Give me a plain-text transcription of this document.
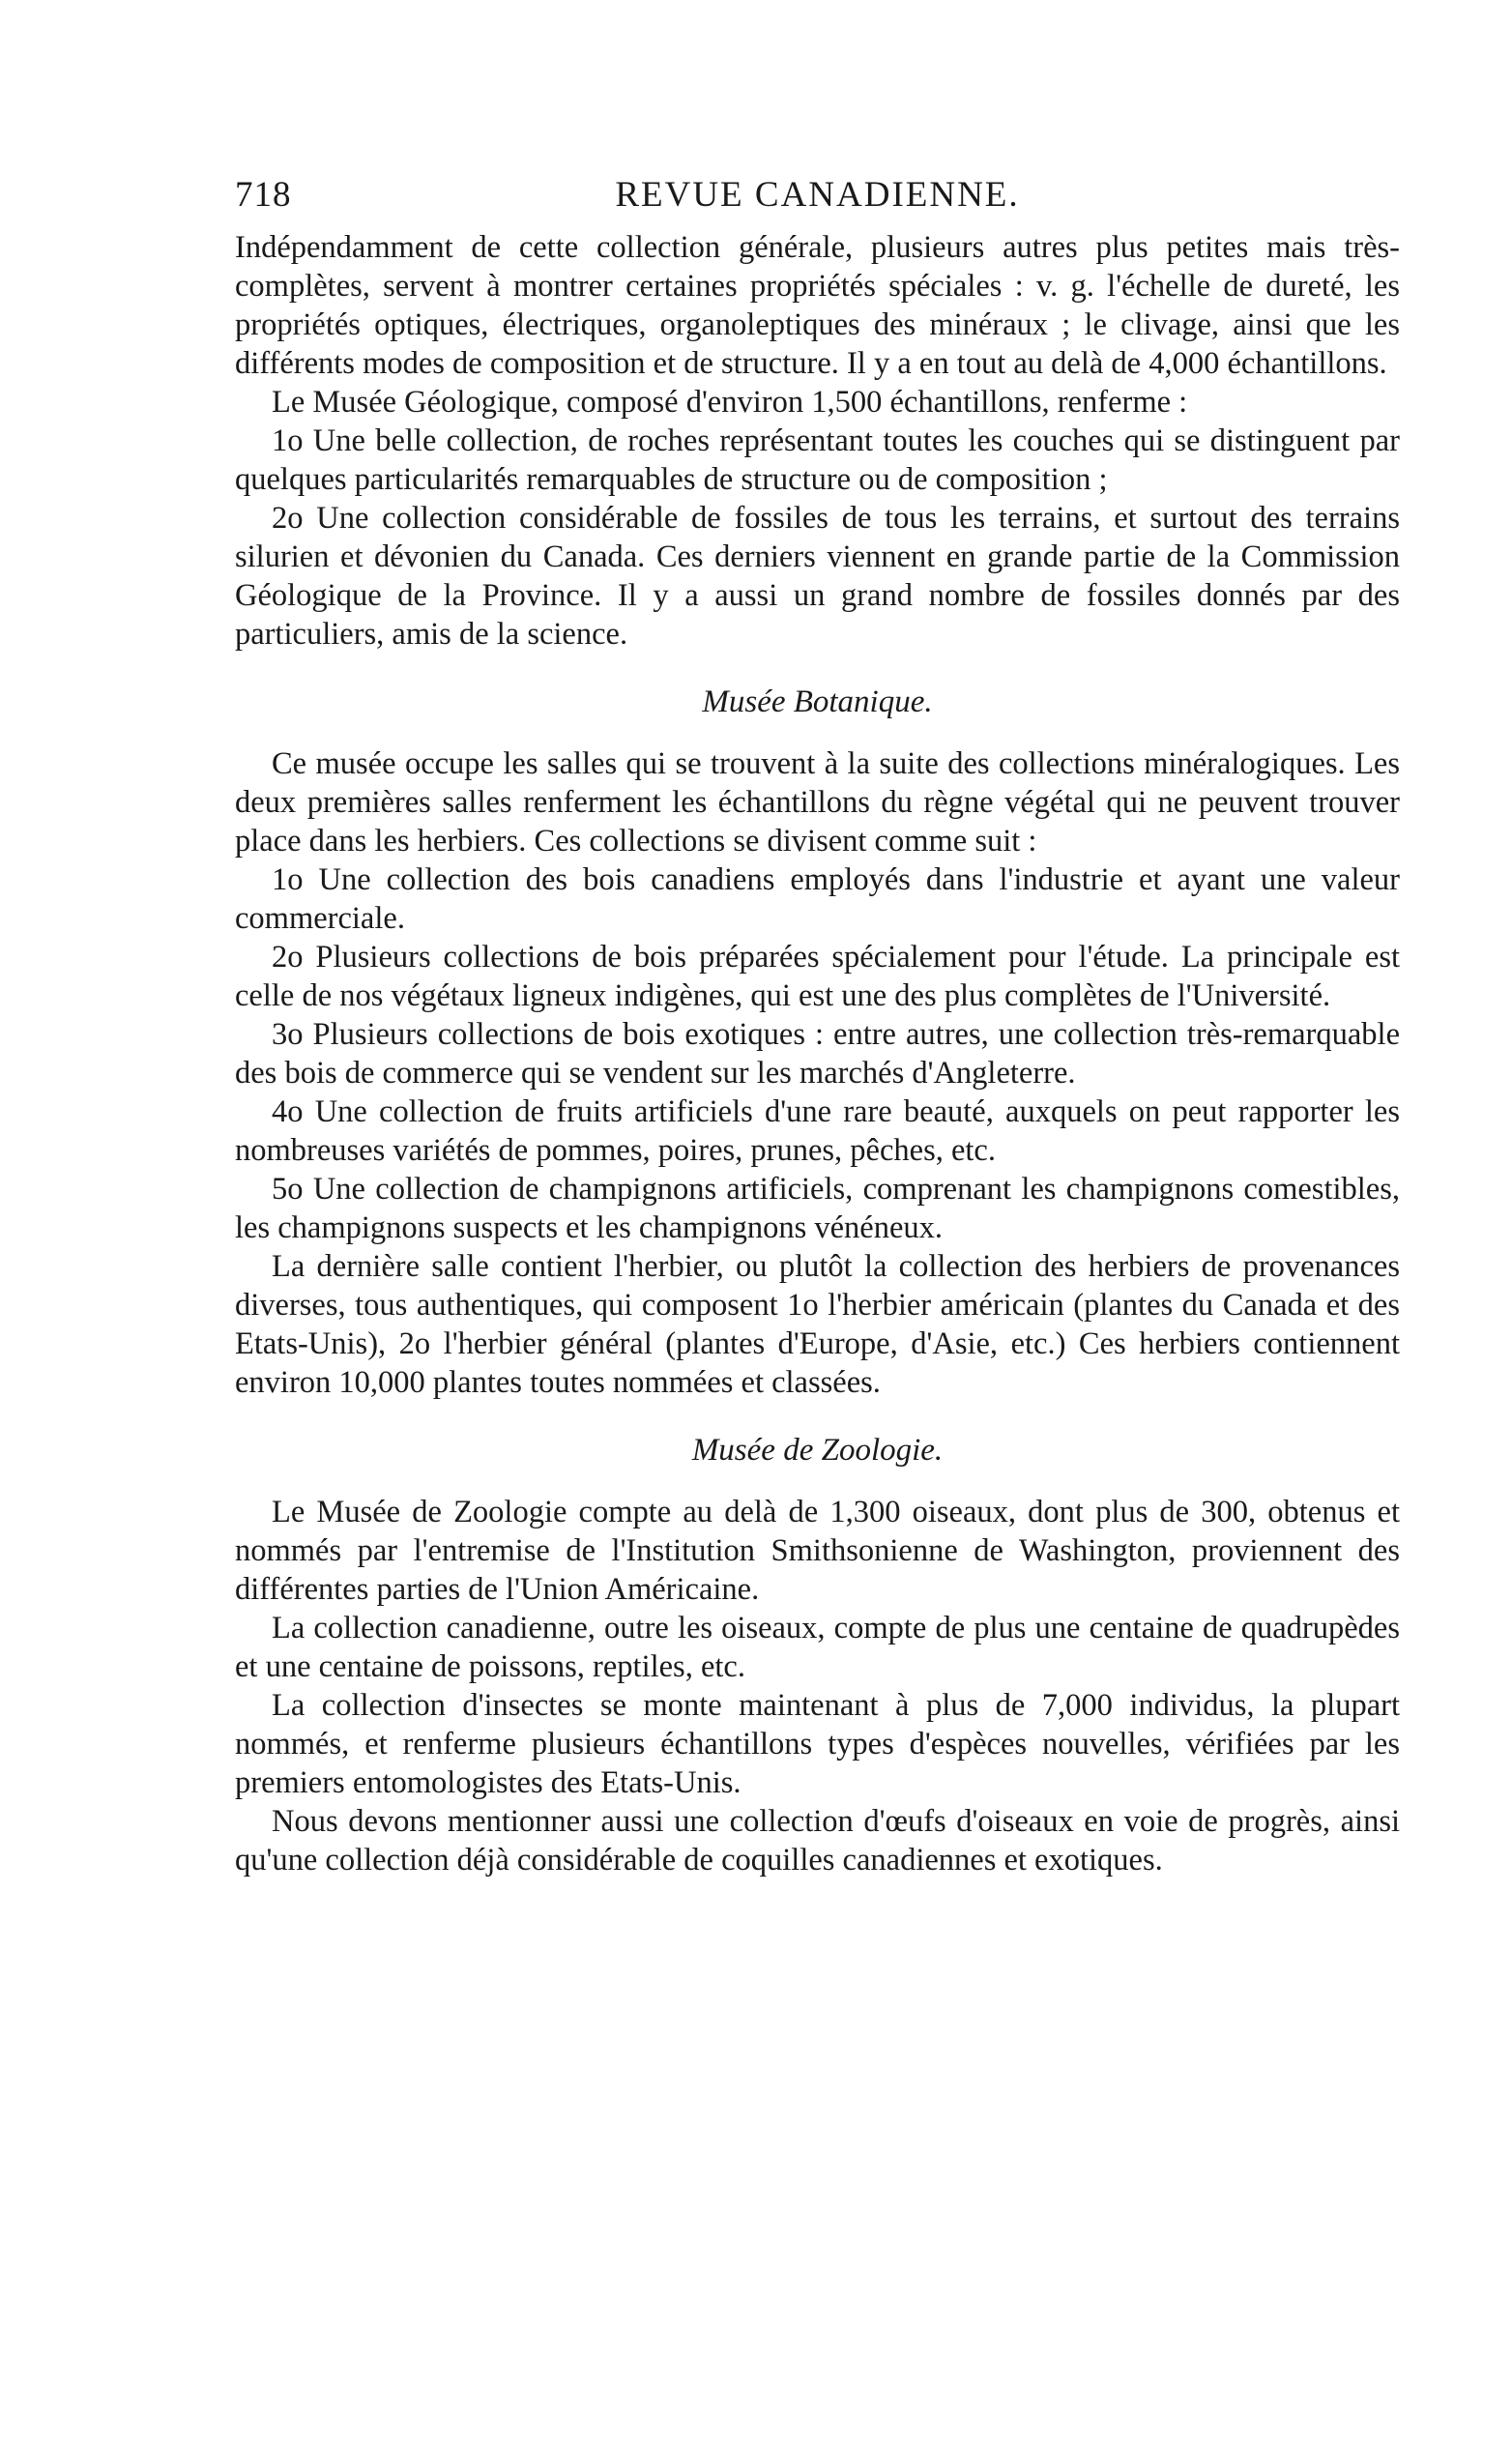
718	REVUE CANADIENNE.

Indépendamment de cette collection générale, plusieurs autres plus petites mais très-complètes, servent à montrer certaines propriétés spéciales : v. g. l'échelle de dureté, les propriétés optiques, électriques, organoleptiques des minéraux ; le clivage, ainsi que les différents modes de composition et de structure. Il y a en tout au delà de 4,000 échantillons.

Le Musée Géologique, composé d'environ 1,500 échantillons, renferme :

1o Une belle collection, de roches représentant toutes les couches qui se distinguent par quelques particularités remarquables de structure ou de composition ;

2o Une collection considérable de fossiles de tous les terrains, et surtout des terrains silurien et dévonien du Canada. Ces derniers viennent en grande partie de la Commission Géologique de la Province. Il y a aussi un grand nombre de fossiles donnés par des particuliers, amis de la science.

Musée Botanique.

Ce musée occupe les salles qui se trouvent à la suite des collections minéralogiques. Les deux premières salles renferment les échantillons du règne végétal qui ne peuvent trouver place dans les herbiers. Ces collections se divisent comme suit :

1o Une collection des bois canadiens employés dans l'industrie et ayant une valeur commerciale.

2o Plusieurs collections de bois préparées spécialement pour l'étude. La principale est celle de nos végétaux ligneux indigènes, qui est une des plus complètes de l'Université.

3o Plusieurs collections de bois exotiques : entre autres, une collection très-remarquable des bois de commerce qui se vendent sur les marchés d'Angleterre.

4o Une collection de fruits artificiels d'une rare beauté, auxquels on peut rapporter les nombreuses variétés de pommes, poires, prunes, pêches, etc.

5o Une collection de champignons artificiels, comprenant les champignons comestibles, les champignons suspects et les champignons vénéneux.

La dernière salle contient l'herbier, ou plutôt la collection des herbiers de provenances diverses, tous authentiques, qui composent 1o l'herbier américain (plantes du Canada et des Etats-Unis), 2o l'herbier général (plantes d'Europe, d'Asie, etc.) Ces herbiers contiennent environ 10,000 plantes toutes nommées et classées.

Musée de Zoologie.

Le Musée de Zoologie compte au delà de 1,300 oiseaux, dont plus de 300, obtenus et nommés par l'entremise de l'Institution Smithsonienne de Washington, proviennent des différentes parties de l'Union Américaine.

La collection canadienne, outre les oiseaux, compte de plus une centaine de quadrupèdes et une centaine de poissons, reptiles, etc.

La collection d'insectes se monte maintenant à plus de 7,000 individus, la plupart nommés, et renferme plusieurs échantillons types d'espèces nouvelles, vérifiées par les premiers entomologistes des Etats-Unis.

Nous devons mentionner aussi une collection d'œufs d'oiseaux en voie de progrès, ainsi qu'une collection déjà considérable de coquilles canadiennes et exotiques.
